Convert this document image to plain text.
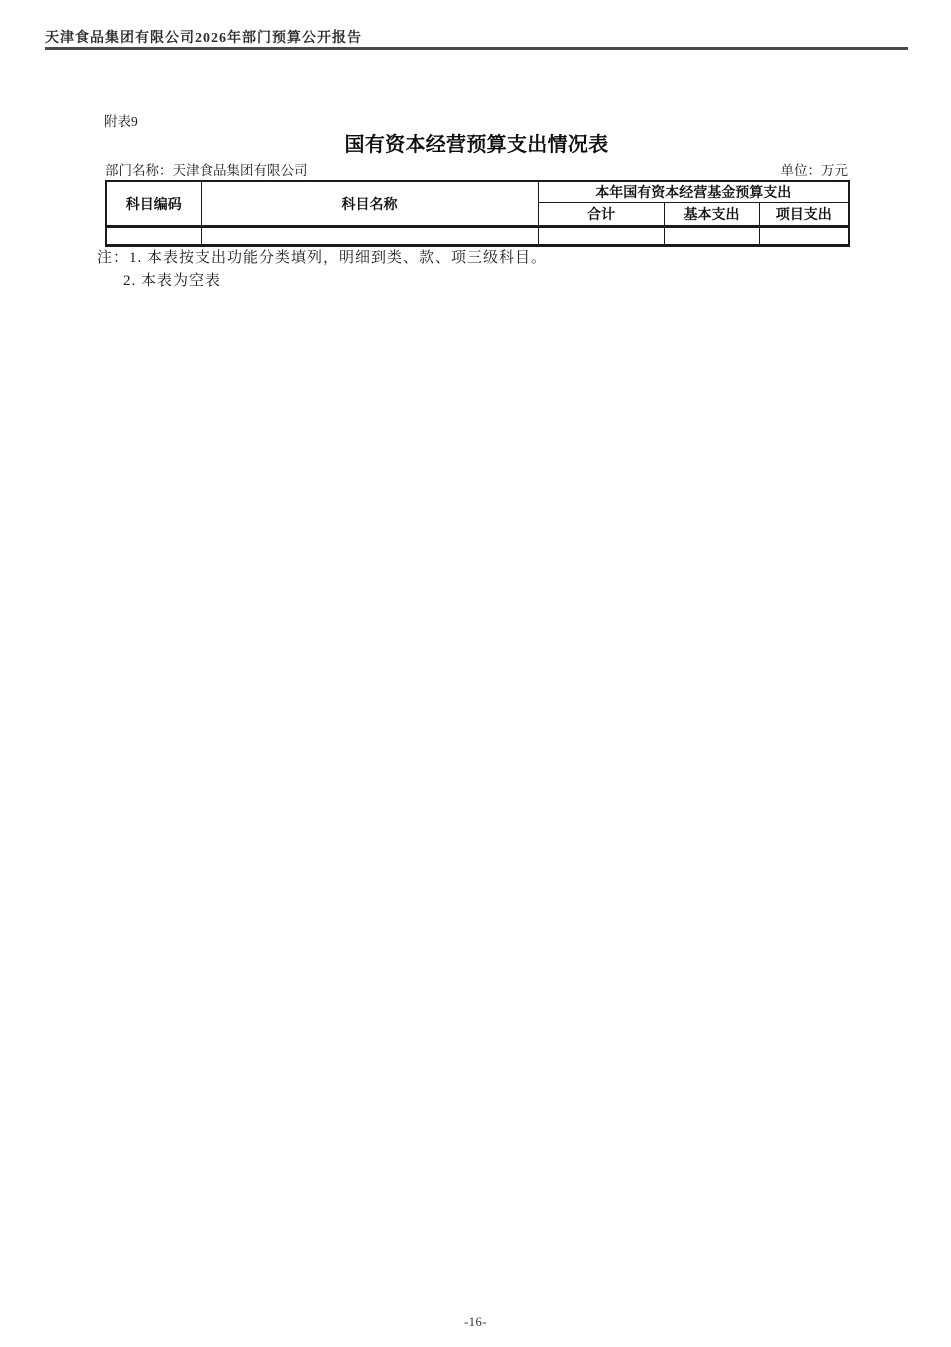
天津食品集团有限公司2026年部门预算公开报告
附表9
国有资本经营预算支出情况表
部门名称：天津食品集团有限公司	单位：万元
科目编码	科目名称	本年国有资本经营基金预算支出		
		合计	基本支出	项目支出

注：1. 本表按支出功能分类填列，明细到类、款、项三级科目。
2. 本表为空表
-16-
